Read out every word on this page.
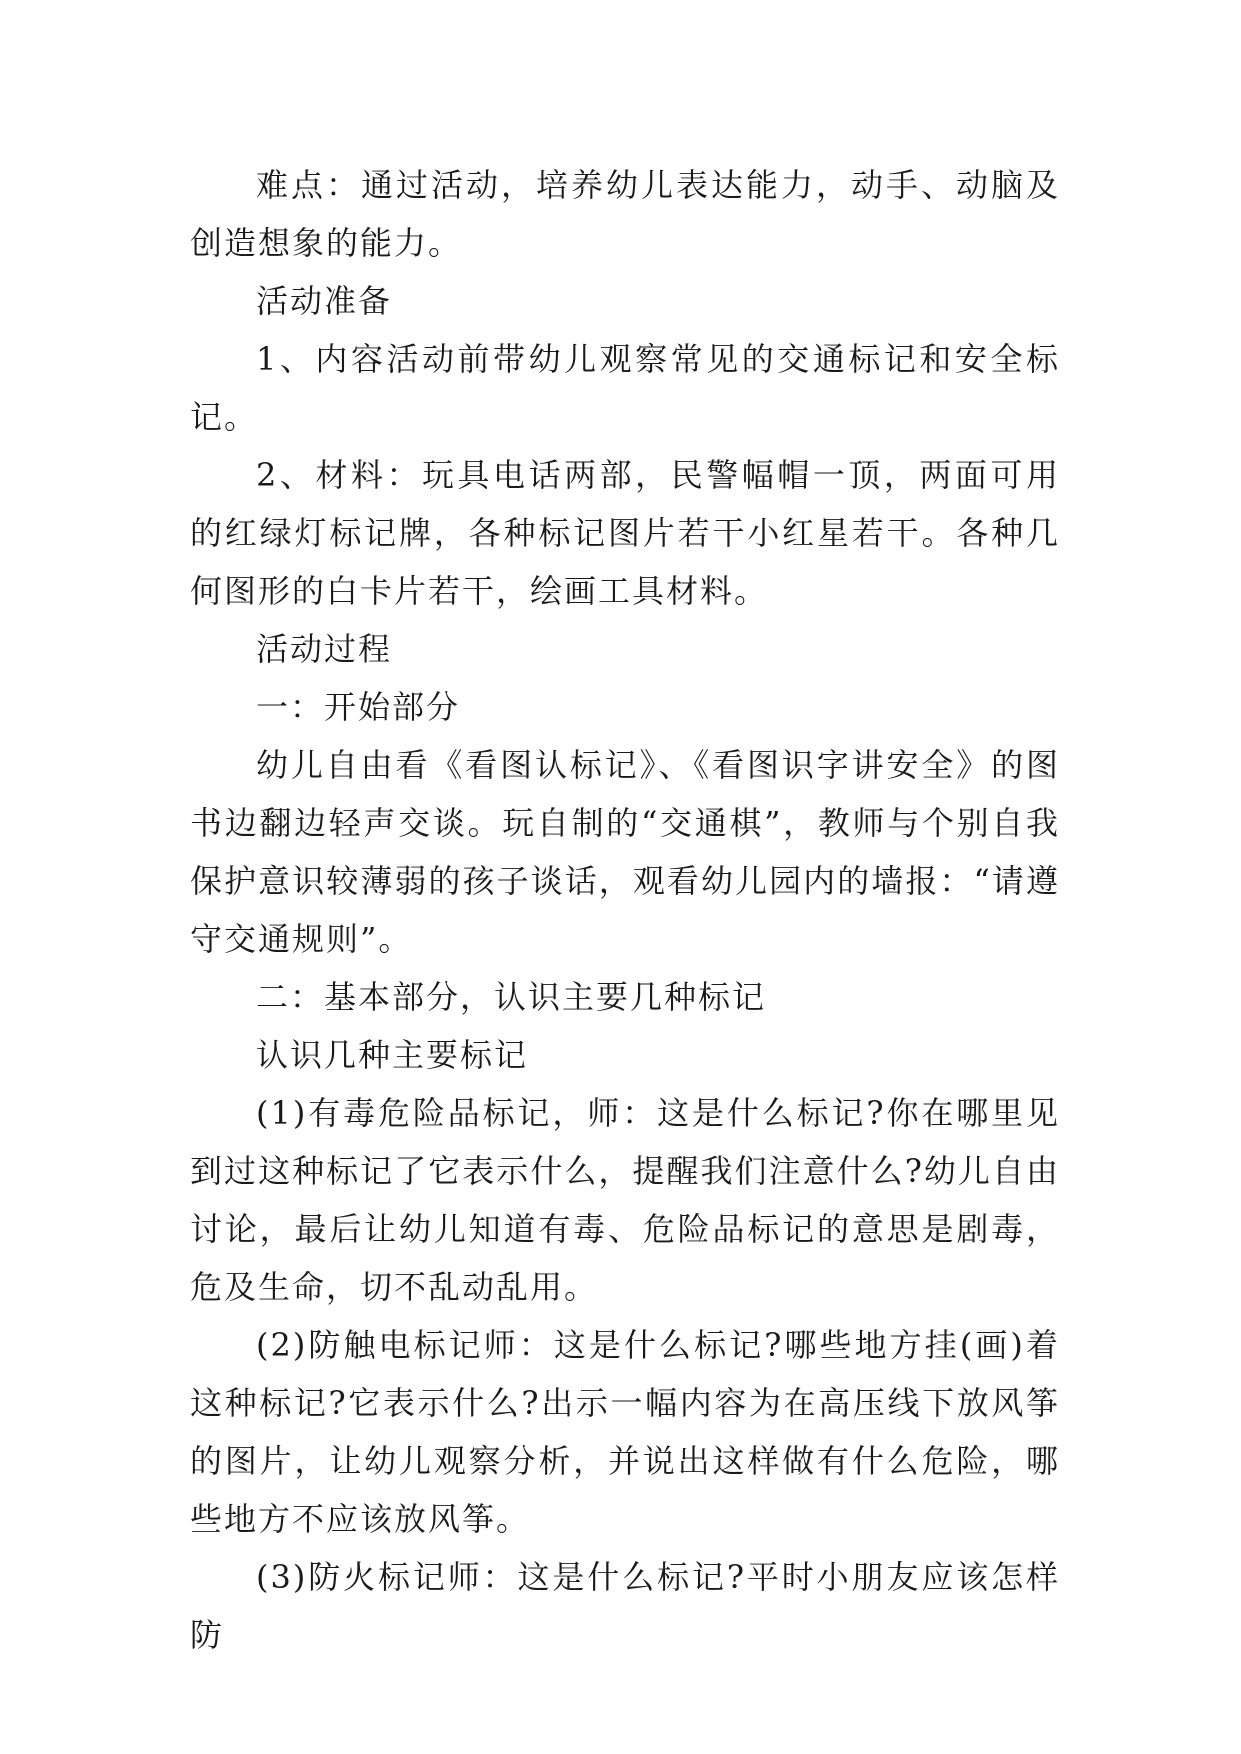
难点：通过活动，培养幼儿表达能力，动手、动脑及创造想象的能力。

活动准备

1、内容活动前带幼儿观察常见的交通标记和安全标记。

2、材料：玩具电话两部，民警幅帽一顶，两面可用的红绿灯标记牌，各种标记图片若干小红星若干。各种几何图形的白卡片若干，绘画工具材料。

活动过程

一：开始部分

幼儿自由看《看图认标记》、《看图识字讲安全》的图书边翻边轻声交谈。玩自制的“交通棋”，教师与个别自我保护意识较薄弱的孩子谈话，观看幼儿园内的墙报：“请遵守交通规则”。

二：基本部分，认识主要几种标记

认识几种主要标记

(1)有毒危险品标记，师：这是什么标记?你在哪里见到过这种标记了它表示什么，提醒我们注意什么?幼儿自由讨论，最后让幼儿知道有毒、危险品标记的意思是剧毒，危及生命，切不乱动乱用。

(2)防触电标记师：这是什么标记?哪些地方挂(画)着这种标记?它表示什么?出示一幅内容为在高压线下放风筝的图片，让幼儿观察分析，并说出这样做有什么危险，哪些地方不应该放风筝。

(3)防火标记师：这是什么标记?平时小朋友应该怎样防
